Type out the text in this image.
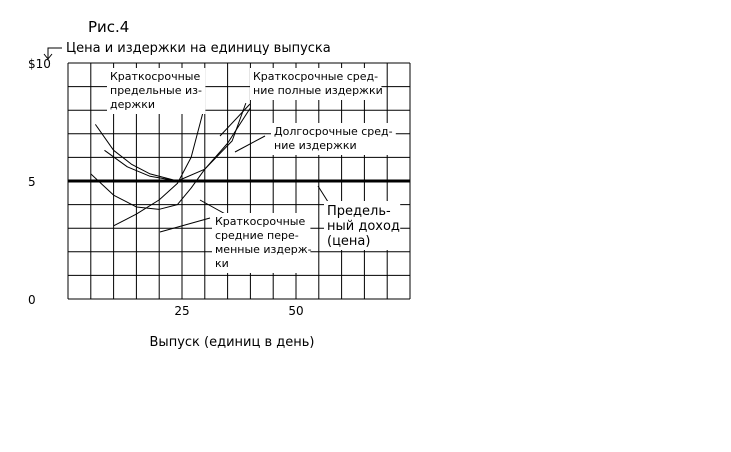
Рис.4
Цена и издержки на единицу выпуска
Выпуск (единиц в день)
Краткосрочные
предельные из-
держки
Краткосрочные сред-
ние полные издержки
Долгосрочные сред-
ние издержки
Краткосрочные
средние пере-
менные издерж-
ки
Предель-
ный доход
(цена)
$10
5
0
25	50
